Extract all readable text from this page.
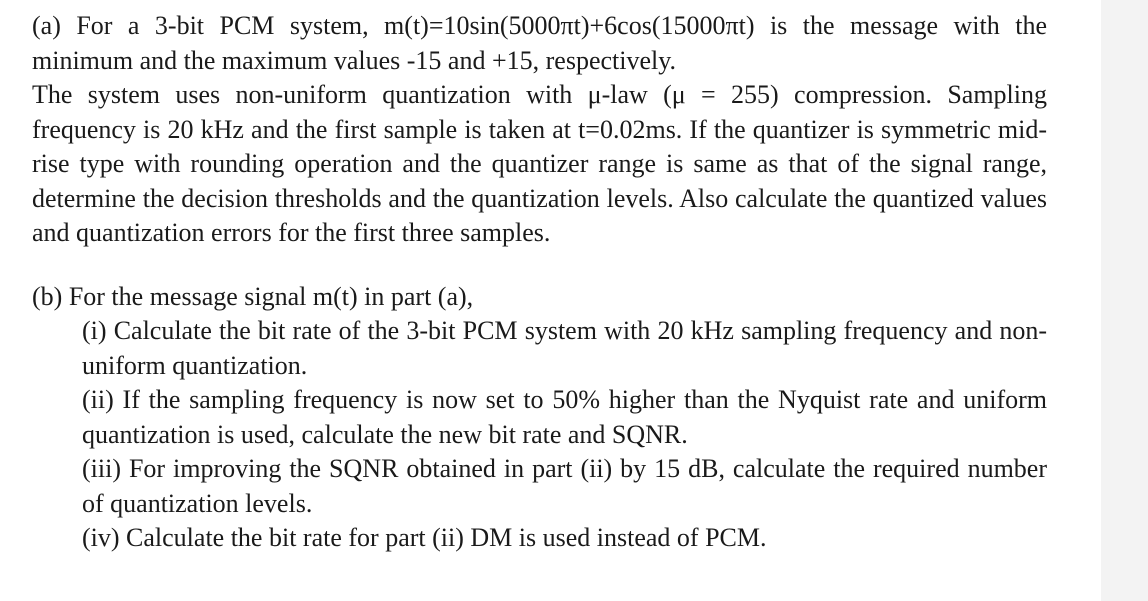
(a) For a 3-bit PCM system, m(t)=10sin(5000πt)+6cos(15000πt) is the message with the minimum and the maximum values -15 and +15, respectively.

The system uses non-uniform quantization with μ-law (μ = 255) compression. Sampling frequency is 20 kHz and the first sample is taken at t=0.02ms. If the quantizer is symmetric mid-rise type with rounding operation and the quantizer range is same as that of the signal range, determine the decision thresholds and the quantization levels. Also calculate the quantized values and quantization errors for the first three samples.

(b) For the message signal m(t) in part (a),

(i) Calculate the bit rate of the 3-bit PCM system with 20 kHz sampling frequency and non-uniform quantization.

(ii) If the sampling frequency is now set to 50% higher than the Nyquist rate and uniform quantization is used, calculate the new bit rate and SQNR.

(iii) For improving the SQNR obtained in part (ii) by 15 dB, calculate the required number of quantization levels.

(iv) Calculate the bit rate for part (ii) DM is used instead of PCM.
